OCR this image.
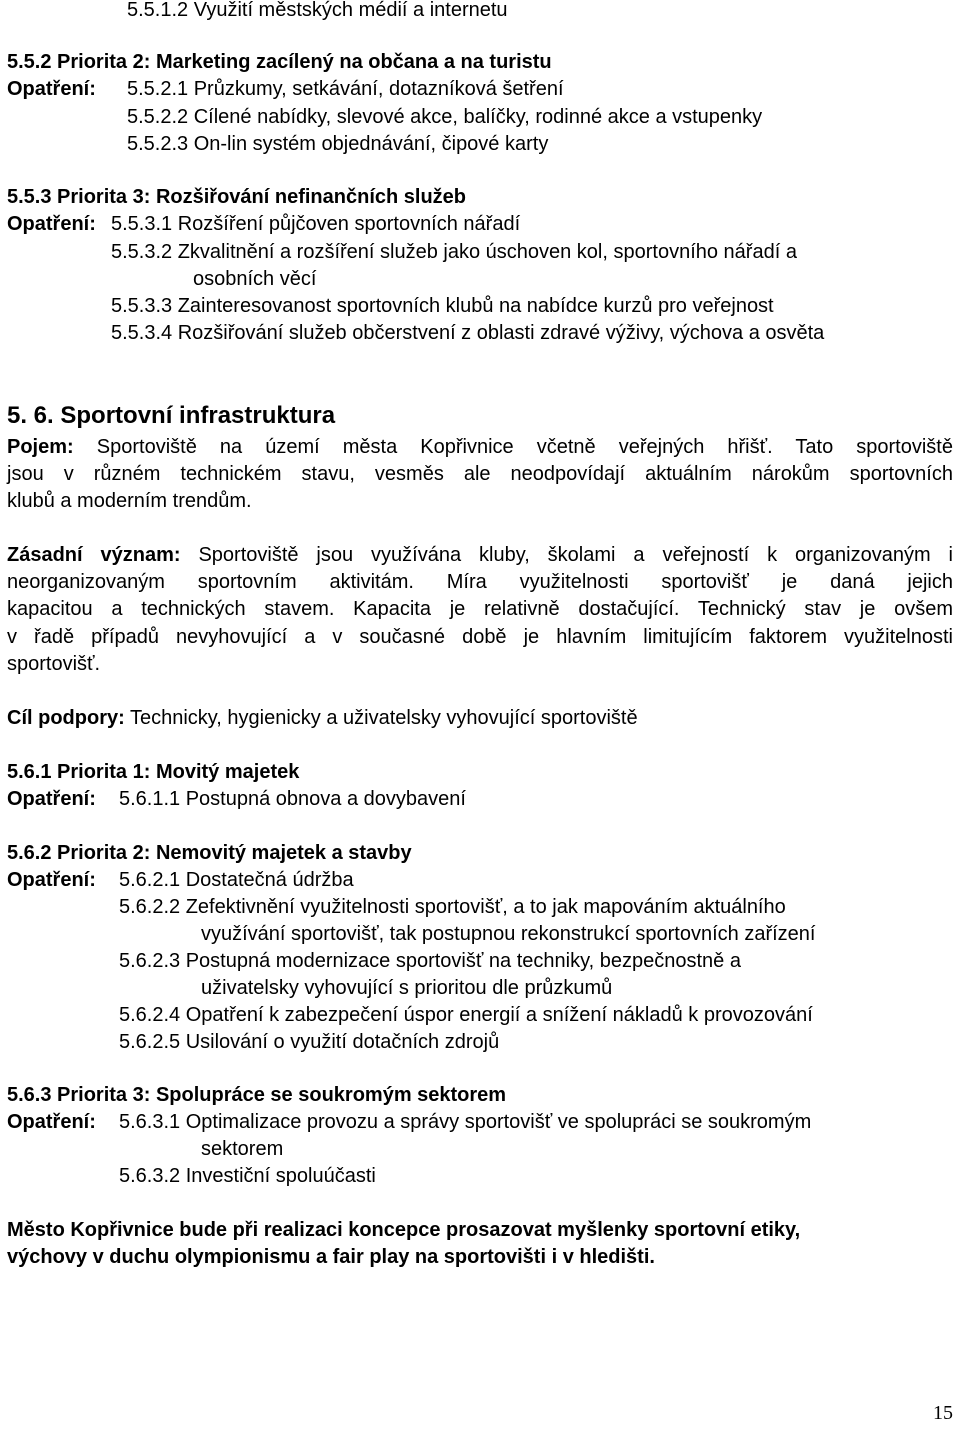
5.5.1.2 Využití městských médií a internetu
5.5.2 Priorita 2: Marketing zacílený na občana a na turistu
Opatření: 5.5.2.1 Průzkumy, setkávání, dotazníková šetření
5.5.2.2 Cílené nabídky, slevové akce, balíčky, rodinné akce a vstupenky
5.5.2.3 On-lin systém objednávání, čipové karty
5.5.3 Priorita 3: Rozšiřování nefinančních služeb
Opatření: 5.5.3.1 Rozšíření půjčoven sportovních nářadí
5.5.3.2 Zkvalitnění a rozšíření služeb jako úschoven kol, sportovního nářadí a
osobních věcí
5.5.3.3 Zainteresovanost sportovních klubů na nabídce kurzů pro veřejnost
5.5.3.4 Rozšiřování služeb občerstvení z oblasti zdravé výživy, výchova a osvěta
5. 6. Sportovní infrastruktura
Pojem: Sportoviště na území města Kopřivnice včetně veřejných hřišť. Tato sportoviště
jsou v různém technickém stavu, vesměs ale neodpovídají aktuálním nárokům sportovních
klubů a moderním trendům.
Zásadní význam: Sportoviště jsou využívána kluby, školami a veřejností k organizovaným i
neorganizovaným sportovním aktivitám. Míra využitelnosti sportovišť je daná jejich
kapacitou a technických stavem. Kapacita je relativně dostačující. Technický stav je ovšem
v řadě případů nevyhovující a v současné době je hlavním limitujícím faktorem využitelnosti
sportovišť.
Cíl podpory: Technicky, hygienicky a uživatelsky vyhovující sportoviště
5.6.1 Priorita 1: Movitý majetek
Opatření: 5.6.1.1 Postupná obnova a dovybavení
5.6.2 Priorita 2: Nemovitý majetek a stavby
Opatření: 5.6.2.1 Dostatečná údržba
5.6.2.2 Zefektivnění využitelnosti sportovišť, a to jak mapováním aktuálního
využívání sportovišť, tak postupnou rekonstrukcí sportovních zařízení
5.6.2.3 Postupná modernizace sportovišť na techniky, bezpečnostně a
uživatelsky vyhovující s prioritou dle průzkumů
5.6.2.4 Opatření k zabezpečení úspor energií a snížení nákladů k provozování
5.6.2.5 Usilování o využití dotačních zdrojů
5.6.3 Priorita 3: Spolupráce se soukromým sektorem
Opatření: 5.6.3.1 Optimalizace provozu a správy sportovišť ve spolupráci se soukromým
sektorem
5.6.3.2 Investiční spoluúčasti
Město Kopřivnice bude při realizaci koncepce prosazovat myšlenky sportovní etiky,
výchovy v duchu olympionismu a fair play na sportovišti i v hledišti.
15
